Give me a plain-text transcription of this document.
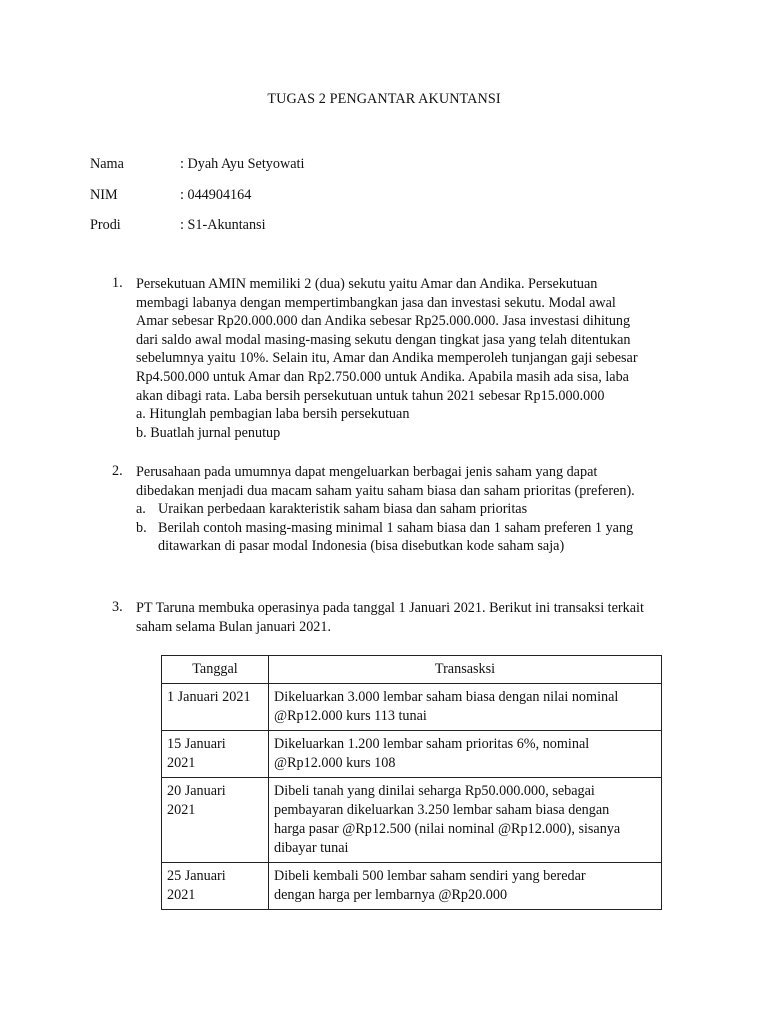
TUGAS 2 PENGANTAR AKUNTANSI
Nama	: Dyah Ayu Setyowati
NIM	: 044904164
Prodi	: S1-Akuntansi
1. Persekutuan AMIN memiliki 2 (dua) sekutu yaitu Amar dan Andika. Persekutuan
membagi labanya dengan mempertimbangkan jasa dan investasi sekutu. Modal awal
Amar sebesar Rp20.000.000 dan Andika sebesar Rp25.000.000. Jasa investasi dihitung
dari saldo awal modal masing-masing sekutu dengan tingkat jasa yang telah ditentukan
sebelumnya yaitu 10%. Selain itu, Amar dan Andika memperoleh tunjangan gaji sebesar
Rp4.500.000 untuk Amar dan Rp2.750.000 untuk Andika. Apabila masih ada sisa, laba
akan dibagi rata. Laba bersih persekutuan untuk tahun 2021 sebesar Rp15.000.000
a. Hitunglah pembagian laba bersih persekutuan
b. Buatlah jurnal penutup
2. Perusahaan pada umumnya dapat mengeluarkan berbagai jenis saham yang dapat
dibedakan menjadi dua macam saham yaitu saham biasa dan saham prioritas (preferen).
a. Uraikan perbedaan karakteristik saham biasa dan saham prioritas
b. Berilah contoh masing-masing minimal 1 saham biasa dan 1 saham preferen 1 yang
ditawarkan di pasar modal Indonesia (bisa disebutkan kode saham saja)
3. PT Taruna membuka operasinya pada tanggal 1 Januari 2021. Berikut ini transaksi terkait
saham selama Bulan januari 2021.
Tanggal	Transasksi

1 Januari 2021	Dikeluarkan 3.000 lembar saham biasa dengan nilai nominal
@Rp12.000 kurs 113 tunai

15 Januari
2021	Dikeluarkan 1.200 lembar saham prioritas 6%, nominal
@Rp12.000 kurs 108

20 Januari
2021	Dibeli tanah yang dinilai seharga Rp50.000.000, sebagai
pembayaran dikeluarkan 3.250 lembar saham biasa dengan
harga pasar @Rp12.500 (nilai nominal @Rp12.000), sisanya
dibayar tunai

25 Januari
2021	Dibeli kembali 500 lembar saham sendiri yang beredar
dengan harga per lembarnya @Rp20.000
